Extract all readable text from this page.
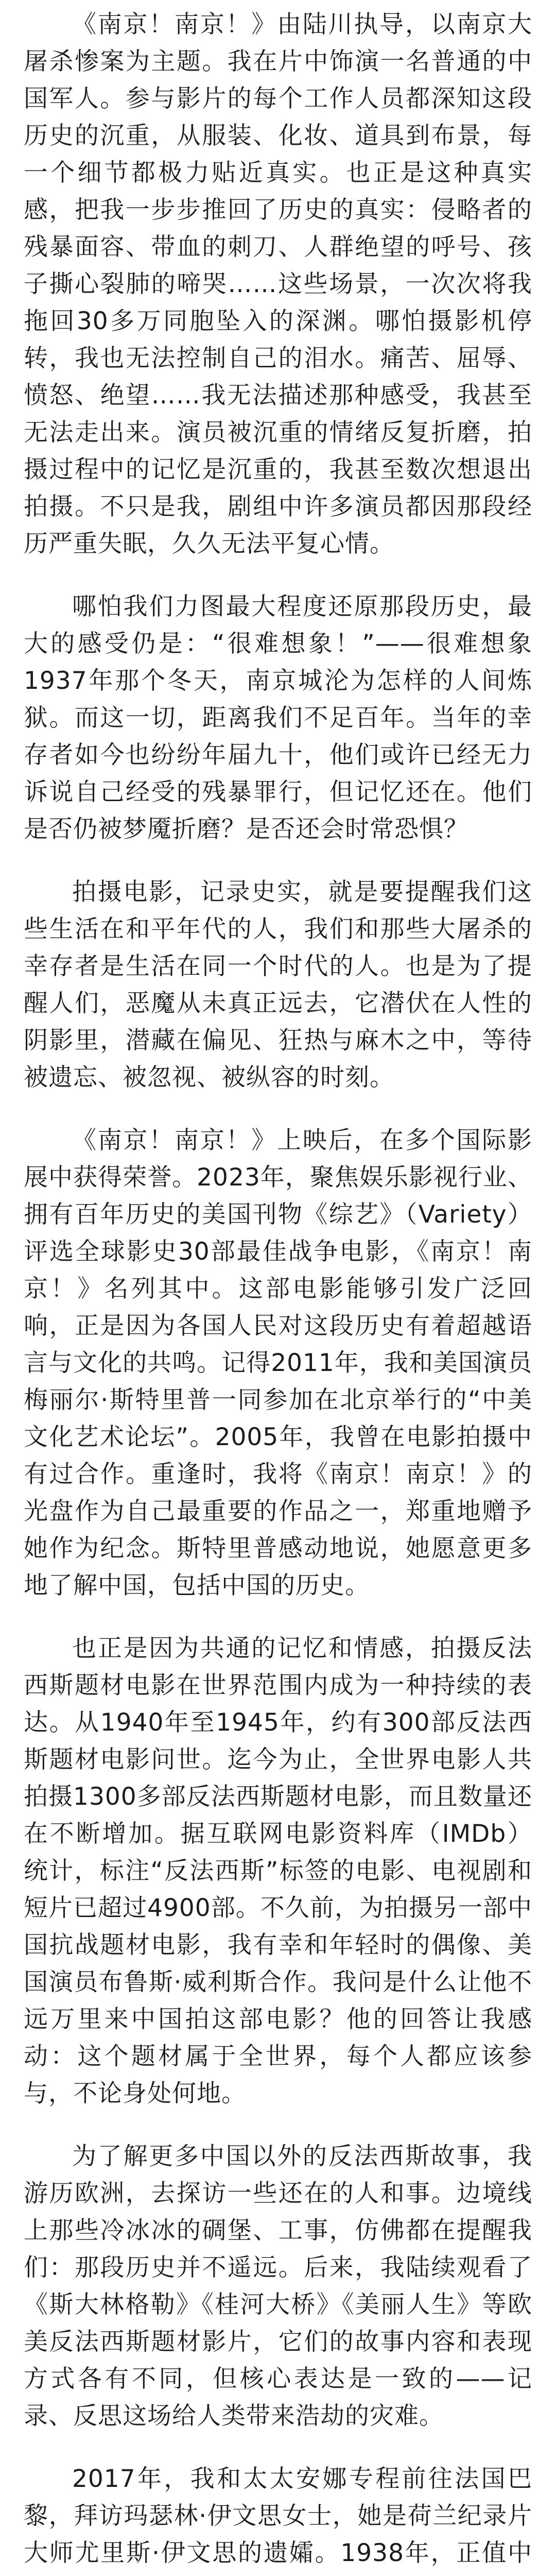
《南京！南京！》由陆川执导，以南京大屠杀惨案为主题。我在片中饰演一名普通的中国军人。参与影片的每个工作人员都深知这段历史的沉重，从服装、化妆、道具到布景，每一个细节都极力贴近真实。也正是这种真实感，把我一步步推回了历史的真实：侵略者的残暴面容、带血的刺刀、人群绝望的呼号、孩子撕心裂肺的啼哭……这些场景，一次次将我拖回30多万同胞坠入的深渊。哪怕摄影机停转，我也无法控制自己的泪水。痛苦、屈辱、愤怒、绝望……我无法描述那种感受，我甚至无法走出来。演员被沉重的情绪反复折磨，拍摄过程中的记忆是沉重的，我甚至数次想退出拍摄。不只是我，剧组中许多演员都因那段经历严重失眠，久久无法平复心情。

哪怕我们力图最大程度还原那段历史，最大的感受仍是：“很难想象！”——很难想象1937年那个冬天，南京城沦为怎样的人间炼狱。而这一切，距离我们不足百年。当年的幸存者如今也纷纷年届九十，他们或许已经无力诉说自己经受的残暴罪行，但记忆还在。他们是否仍被梦魇折磨？是否还会时常恐惧？

拍摄电影，记录史实，就是要提醒我们这些生活在和平年代的人，我们和那些大屠杀的幸存者是生活在同一个时代的人。也是为了提醒人们，恶魔从未真正远去，它潜伏在人性的阴影里，潜藏在偏见、狂热与麻木之中，等待被遗忘、被忽视、被纵容的时刻。

《南京！南京！》上映后，在多个国际影展中获得荣誉。2023年，聚焦娱乐影视行业、拥有百年历史的美国刊物《综艺》（Variety）评选全球影史30部最佳战争电影，《南京！南京！》名列其中。这部电影能够引发广泛回响，正是因为各国人民对这段历史有着超越语言与文化的共鸣。记得2011年，我和美国演员梅丽尔·斯特里普一同参加在北京举行的“中美文化艺术论坛”。2005年，我曾在电影拍摄中有过合作。重逢时，我将《南京！南京！》的光盘作为自己最重要的作品之一，郑重地赠予她作为纪念。斯特里普感动地说，她愿意更多地了解中国，包括中国的历史。

也正是因为共通的记忆和情感，拍摄反法西斯题材电影在世界范围内成为一种持续的表达。从1940年至1945年，约有300部反法西斯题材电影问世。迄今为止，全世界电影人共拍摄1300多部反法西斯题材电影，而且数量还在不断增加。据互联网电影资料库（IMDb）统计，标注“反法西斯”标签的电影、电视剧和短片已超过4900部。不久前，为拍摄另一部中国抗战题材电影，我有幸和年轻时的偶像、美国演员布鲁斯·威利斯合作。我问是什么让他不远万里来中国拍这部电影？他的回答让我感动：这个题材属于全世界，每个人都应该参与，不论身处何地。

为了解更多中国以外的反法西斯故事，我游历欧洲，去探访一些还在的人和事。边境线上那些冷冰冰的碉堡、工事，仿佛都在提醒我们：那段历史并不遥远。后来，我陆续观看了《斯大林格勒》《桂河大桥》《美丽人生》等欧美反法西斯题材影片，它们的故事内容和表现方式各有不同，但核心表达是一致的——记录、反思这场给人类带来浩劫的灾难。

2017年，我和太太安娜专程前往法国巴黎，拜访玛瑟林·伊文思女士，她是荷兰纪录片大师尤里斯·伊文思的遗孀。1938年，正值中
